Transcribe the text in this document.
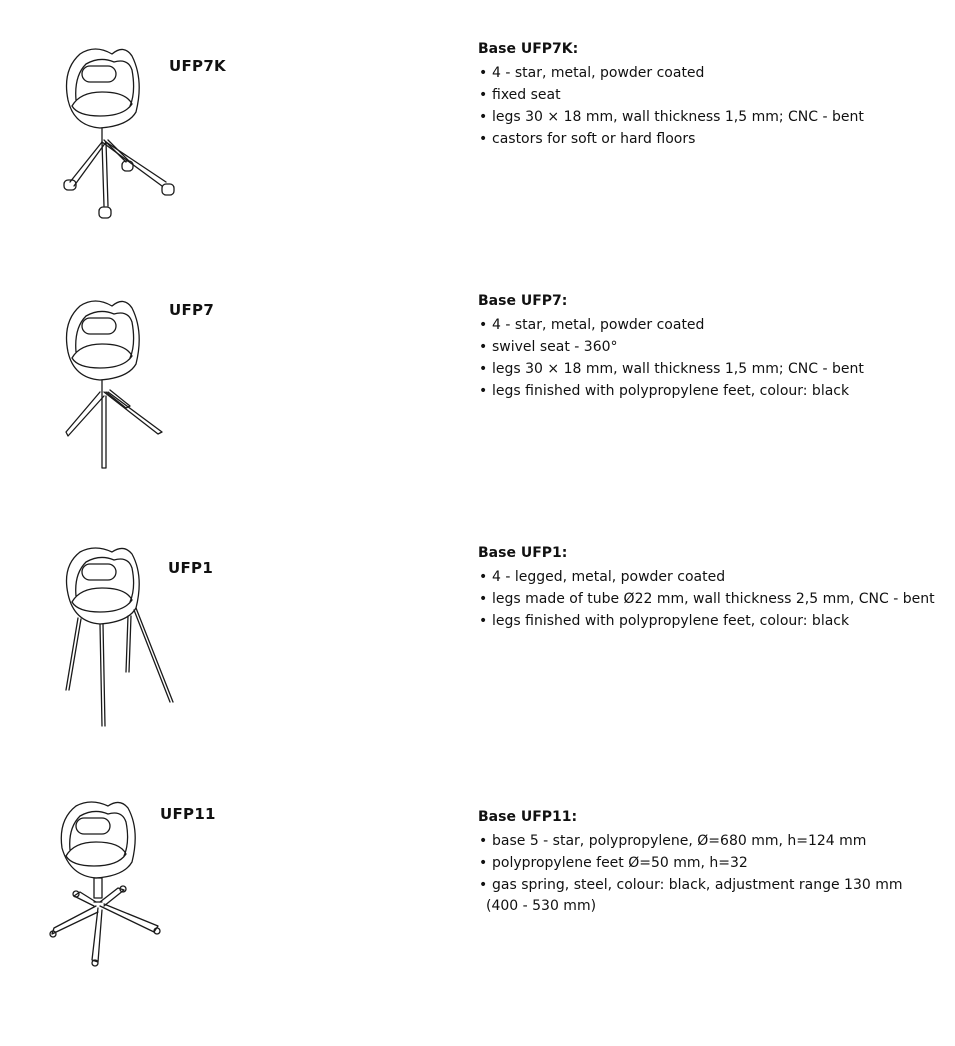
UFP7K
Base UFP7K:
• 4 - star, metal, powder coated
• fixed seat
• legs 30 × 18 mm, wall thickness 1,5 mm; CNC - bent
• castors for soft or hard floors
UFP7	Base UFP7:
• 4 - star, metal, powder coated
• swivel seat - 360°
• legs 30 × 18 mm, wall thickness 1,5 mm; CNC - bent
• legs finished with polypropylene feet, colour: black
UFP1
Base UFP1:
• 4 - legged, metal, powder coated
• legs made of tube Ø22 mm, wall thickness 2,5 mm, CNC - bent
• legs finished with polypropylene feet, colour: black
UFP11	Base UFP11:
• base 5 - star, polypropylene, Ø=680 mm, h=124 mm
• polypropylene feet Ø=50 mm, h=32
• gas spring, steel, colour: black, adjustment range 130 mm
(400 - 530 mm)
